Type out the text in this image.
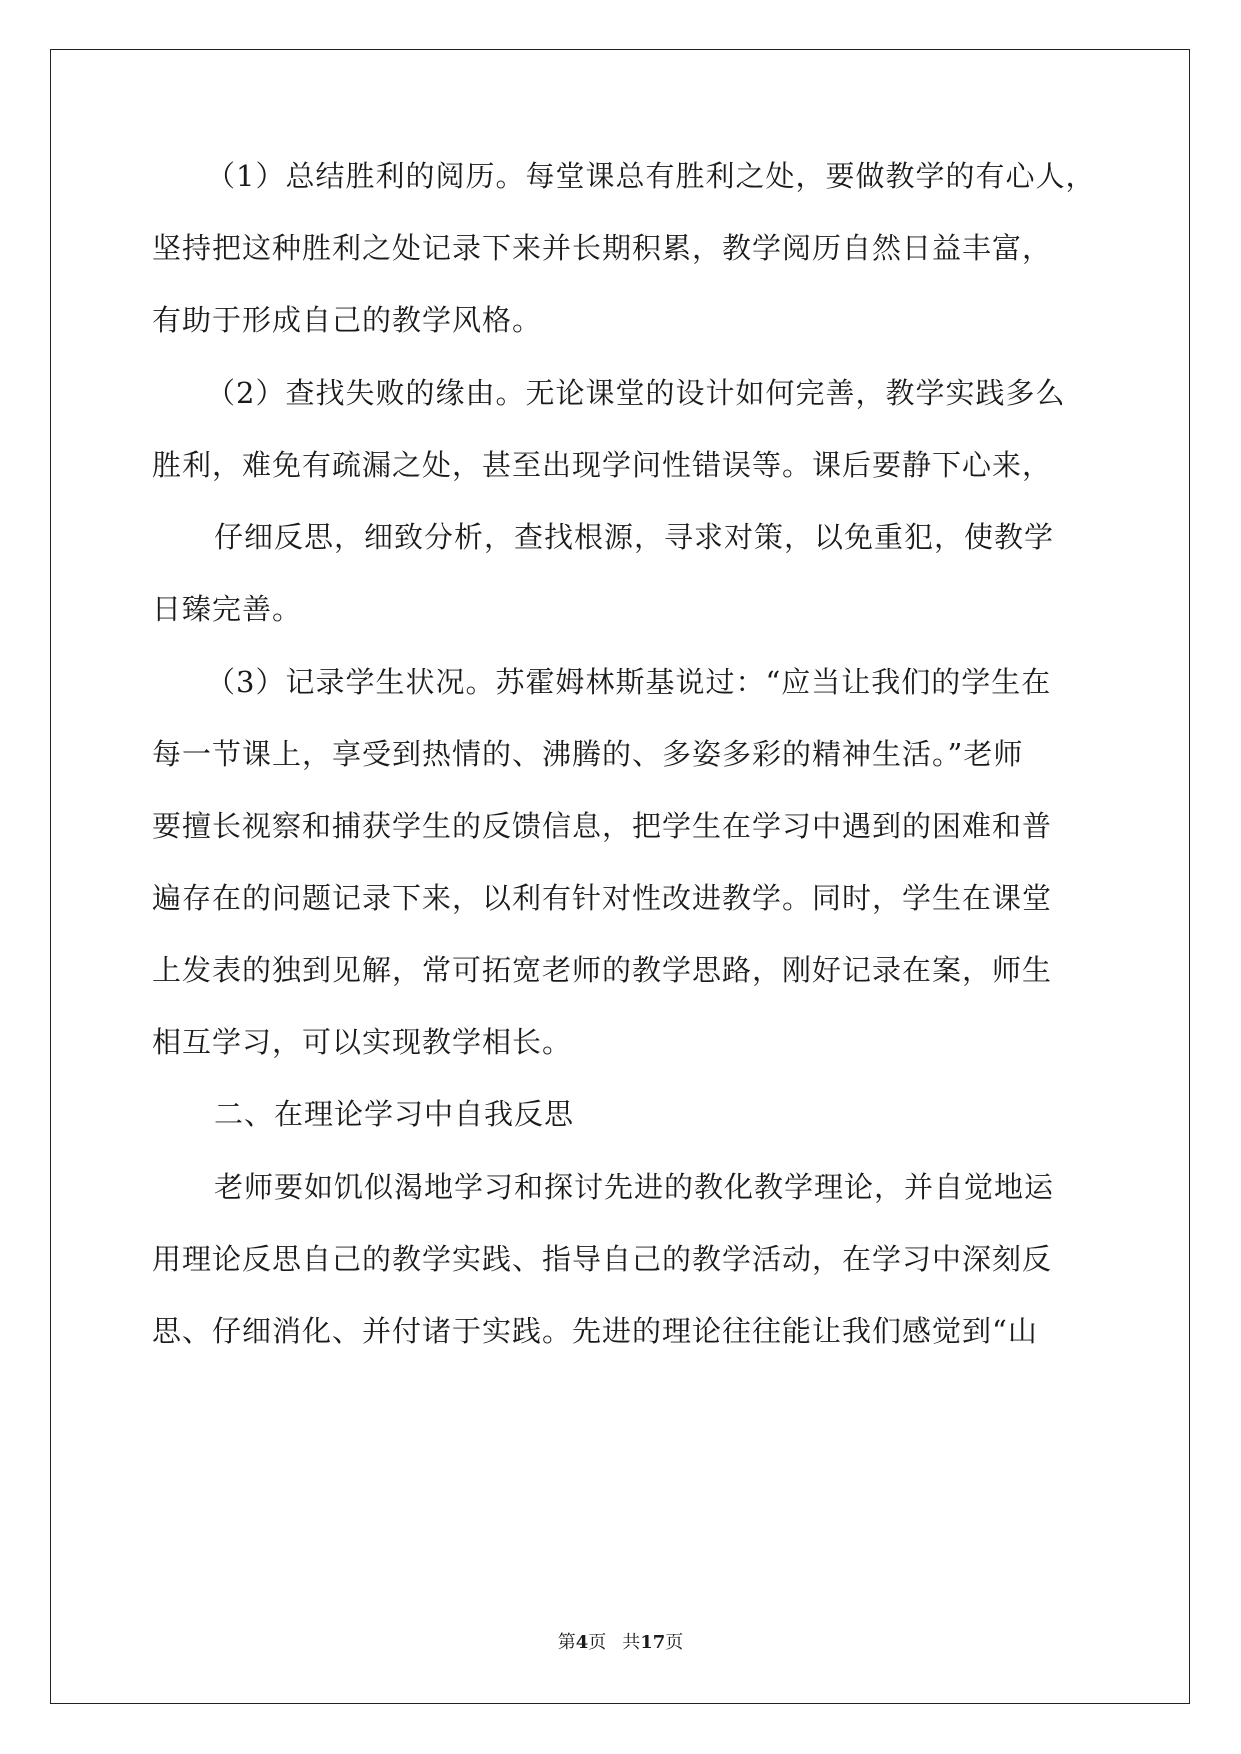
（1）总结胜利的阅历。每堂课总有胜利之处，要做教学的有心人，
坚持把这种胜利之处记录下来并长期积累，教学阅历自然日益丰富，
有助于形成自己的教学风格。
（2）查找失败的缘由。无论课堂的设计如何完善，教学实践多么
胜利，难免有疏漏之处，甚至出现学问性错误等。课后要静下心来，
仔细反思，细致分析，查找根源，寻求对策，以免重犯，使教学
日臻完善。
（3）记录学生状况。苏霍姆林斯基说过：“应当让我们的学生在
每一节课上，享受到热情的、沸腾的、多姿多彩的精神生活。”老师
要擅长视察和捕获学生的反馈信息，把学生在学习中遇到的困难和普
遍存在的问题记录下来，以利有针对性改进教学。同时，学生在课堂
上发表的独到见解，常可拓宽老师的教学思路，刚好记录在案，师生
相互学习，可以实现教学相长。
二、在理论学习中自我反思
老师要如饥似渴地学习和探讨先进的教化教学理论，并自觉地运
用理论反思自己的教学实践、指导自己的教学活动，在学习中深刻反
思、仔细消化、并付诸于实践。先进的理论往往能让我们感觉到“山
第4页 共17页
